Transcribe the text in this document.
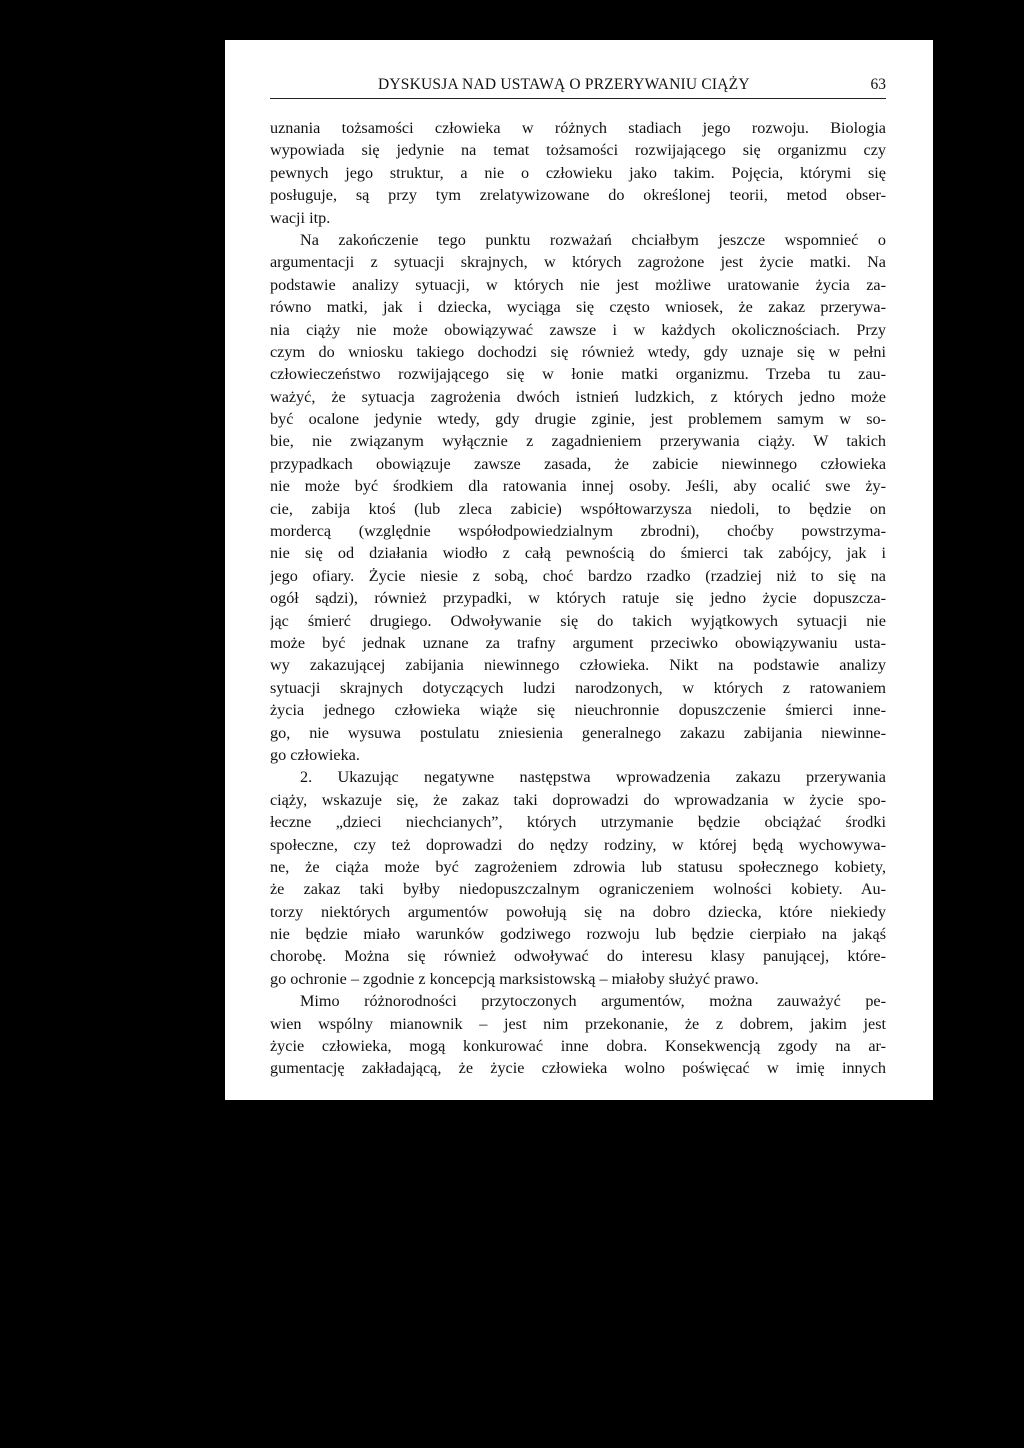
DYSKUSJA NAD USTAWĄ O PRZERYWANIU CIĄŻY	63

uznania tożsamości człowieka w różnych stadiach jego rozwoju. Biologia

wypowiada się jedynie na temat tożsamości rozwijającego się organizmu czy

pewnych jego struktur, a nie o człowieku jako takim. Pojęcia, którymi się

posługuje, są przy tym zrelatywizowane do określonej teorii, metod obser-

wacji itp.

Na zakończenie tego punktu rozważań chciałbym jeszcze wspomnieć o

argumentacji z sytuacji skrajnych, w których zagrożone jest życie matki. Na

podstawie analizy sytuacji, w których nie jest możliwe uratowanie życia za-

równo matki, jak i dziecka, wyciąga się często wniosek, że zakaz przerywa-

nia ciąży nie może obowiązywać zawsze i w każdych okolicznościach. Przy

czym do wniosku takiego dochodzi się również wtedy, gdy uznaje się w pełni

człowieczeństwo rozwijającego się w łonie matki organizmu. Trzeba tu zau-

ważyć, że sytuacja zagrożenia dwóch istnień ludzkich, z których jedno może

być ocalone jedynie wtedy, gdy drugie zginie, jest problemem samym w so-

bie, nie związanym wyłącznie z zagadnieniem przerywania ciąży. W takich

przypadkach obowiązuje zawsze zasada, że zabicie niewinnego człowieka

nie może być środkiem dla ratowania innej osoby. Jeśli, aby ocalić swe ży-

cie, zabija ktoś (lub zleca zabicie) współtowarzysza niedoli, to będzie on

mordercą (względnie współodpowiedzialnym zbrodni), choćby powstrzyma-

nie się od działania wiodło z całą pewnością do śmierci tak zabójcy, jak i

jego ofiary. Życie niesie z sobą, choć bardzo rzadko (rzadziej niż to się na

ogół sądzi), również przypadki, w których ratuje się jedno życie dopuszcza-

jąc śmierć drugiego. Odwoływanie się do takich wyjątkowych sytuacji nie

może być jednak uznane za trafny argument przeciwko obowiązywaniu usta-

wy zakazującej zabijania niewinnego człowieka. Nikt na podstawie analizy

sytuacji skrajnych dotyczących ludzi narodzonych, w których z ratowaniem

życia jednego człowieka wiąże się nieuchronnie dopuszczenie śmierci inne-

go, nie wysuwa postulatu zniesienia generalnego zakazu zabijania niewinne-

go człowieka.

2. Ukazując negatywne następstwa wprowadzenia zakazu przerywania

ciąży, wskazuje się, że zakaz taki doprowadzi do wprowadzania w życie spo-

łeczne „dzieci niechcianych”, których utrzymanie będzie obciążać środki

społeczne, czy też doprowadzi do nędzy rodziny, w której będą wychowywa-

ne, że ciąża może być zagrożeniem zdrowia lub statusu społecznego kobiety,

że zakaz taki byłby niedopuszczalnym ograniczeniem wolności kobiety. Au-

torzy niektórych argumentów powołują się na dobro dziecka, które niekiedy

nie będzie miało warunków godziwego rozwoju lub będzie cierpiało na jakąś

chorobę. Można się również odwoływać do interesu klasy panującej, które-

go ochronie – zgodnie z koncepcją marksistowską – miałoby służyć prawo.

Mimo różnorodności przytoczonych argumentów, można zauważyć pe-

wien wspólny mianownik – jest nim przekonanie, że z dobrem, jakim jest

życie człowieka, mogą konkurować inne dobra. Konsekwencją zgody na ar-

gumentację zakładającą, że życie człowieka wolno poświęcać w imię innych
